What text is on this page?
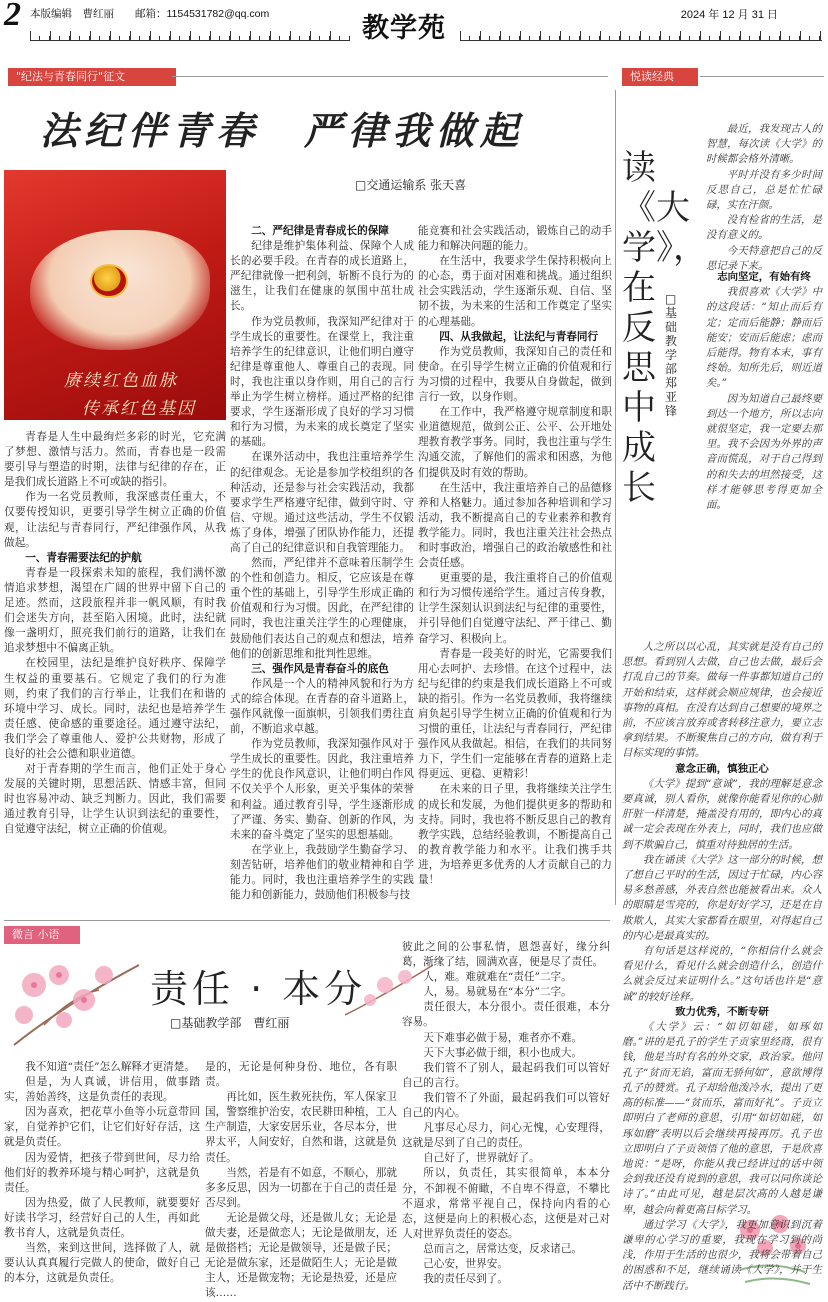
2 本版编辑　曹红丽　　邮箱：1154531782@qq.com	教学苑	2024 年 12 月 31 日
"纪法与青春同行"征文	悦读经典
法纪伴青春　严律我做起
□交通运输系 张天喜
赓续红色血脉
传承红色基因

青春是人生中最绚烂多彩的时光，它充满了梦想、激情与活力。然而，青春也是一段需要引导与塑造的时期，法律与纪律的存在，正是我们成长道路上不可或缺的指引。

作为一名党员教师，我深感责任重大，不仅要传授知识，更要引导学生树立正确的价值观，让法纪与青春同行，严纪律强作风，从我做起。

一、青春需要法纪的护航

青春是一段探索未知的旅程，我们满怀激情追求梦想，渴望在广阔的世界中留下自己的足迹。然而，这段旅程并非一帆风顺，有时我们会迷失方向，甚至陷入困境。此时，法纪就像一盏明灯，照亮我们前行的道路，让我们在追求梦想中不偏离正轨。

在校园里，法纪是维护良好秩序、保障学生权益的重要基石。它规定了我们的行为准则，约束了我们的言行举止，让我们在和谐的环境中学习、成长。同时，法纪也是培养学生责任感、使命感的重要途径。通过遵守法纪，我们学会了尊重他人、爱护公共财物，形成了良好的社会公德和职业道德。

对于青春期的学生而言，他们正处于身心发展的关键时期，思想活跃、情感丰富，但同时也容易冲动、缺乏判断力。因此，我们需要通过教育引导，让学生认识到法纪的重要性，自觉遵守法纪，树立正确的价值观。

二、严纪律是青春成长的保障

纪律是维护集体利益、保障个人成长的必要手段。在青春的成长道路上，严纪律就像一把利剑，斩断不良行为的滋生，让我们在健康的氛围中茁壮成长。

作为党员教师，我深知严纪律对于学生成长的重要性。在课堂上，我注重培养学生的纪律意识，让他们明白遵守纪律是尊重他人、尊重自己的表现。同时，我也注重以身作则，用自己的言行举止为学生树立榜样。通过严格的纪律要求，学生逐渐形成了良好的学习习惯和行为习惯，为未来的成长奠定了坚实的基础。

在课外活动中，我也注重培养学生的纪律观念。无论是参加学校组织的各种活动，还是参与社会实践活动，我都要求学生严格遵守纪律，做到守时、守信、守规。通过这些活动，学生不仅锻炼了身体，增强了团队协作能力，还提高了自己的纪律意识和自我管理能力。

然而，严纪律并不意味着压制学生的个性和创造力。相反，它应该是在尊重个性的基础上，引导学生形成正确的价值观和行为习惯。因此，在严纪律的同时，我也注重关注学生的心理健康，鼓励他们表达自己的观点和想法，培养他们的创新思维和批判性思维。

三、强作风是青春奋斗的底色

作风是一个人的精神风貌和行为方式的综合体现。在青春的奋斗道路上，强作风就像一面旗帜，引领我们勇往直前，不断追求卓越。

作为党员教师，我深知强作风对于学生成长的重要性。因此，我注重培养学生的优良作风意识，让他们明白作风不仅关乎个人形象，更关乎集体的荣誉和利益。通过教育引导，学生逐渐形成了严谨、务实、勤奋、创新的作风，为未来的奋斗奠定了坚实的思想基础。

在学业上，我鼓励学生勤奋学习、刻苦钻研，培养他们的敬业精神和自学能力。同时，我也注重培养学生的实践能力和创新能力，鼓励他们积极参与技

能竞赛和社会实践活动，锻炼自己的动手能力和解决问题的能力。

在生活中，我要求学生保持积极向上的心态，勇于面对困难和挑战。通过组织社会实践活动，学生逐渐乐观、自信、坚韧不拔，为未来的生活和工作奠定了坚实的心理基础。

四、从我做起，让法纪与青春同行

作为党员教师，我深知自己的责任和使命。在引导学生树立正确的价值观和行为习惯的过程中，我要从自身做起，做到言行一致，以身作则。

在工作中，我严格遵守规章制度和职业道德规范，做到公正、公平、公开地处理教育教学事务。同时，我也注重与学生沟通交流，了解他们的需求和困惑，为他们提供及时有效的帮助。

在生活中，我注重培养自己的品德修养和人格魅力。通过参加各种培训和学习活动，我不断提高自己的专业素养和教育教学能力。同时，我也注重关注社会热点和时事政治，增强自己的政治敏感性和社会责任感。

更重要的是，我注重将自己的价值观和行为习惯传递给学生。通过言传身教，让学生深刻认识到法纪与纪律的重要性，并引导他们自觉遵守法纪、严于律己、勤奋学习、积极向上。

青春是一段美好的时光，它需要我们用心去呵护、去珍惜。在这个过程中，法纪与纪律的约束是我们成长道路上不可或缺的指引。作为一名党员教师，我将继续肩负起引导学生树立正确的价值观和行为习惯的重任，让法纪与青春同行，严纪律强作风从我做起。相信，在我们的共同努力下，学生们一定能够在青春的道路上走得更远、更稳、更精彩！

在未来的日子里，我将继续关注学生的成长和发展，为他们提供更多的帮助和支持。同时，我也将不断反思自己的教育教学实践，总结经验教训，不断提高自己的教育教学能力和水平。让我们携手共进，为培养更多优秀的人才贡献自己的力量！

读《大学》，在反思中成长
□基础教学部　郑亚锋

最近，我发现古人的智慧，每次读《大学》的时候都会格外清晰。

平时并没有多少时间反思自己，总是忙忙碌碌，实在汗颜。

没有检省的生活，是没有意义的。

今天特意把自己的反思记录下来。

志向坚定，有始有终

我很喜欢《大学》中的这段话：“知止而后有定；定而后能静；静而后能安；安而后能虑；虑而后能得。物有本末，事有终始。知所先后，则近道矣。”

因为知道自己最终要到达一个地方，所以志向就很坚定，我一定要去那里。我不会因为外界的声音而慌乱，对于自己得到的和失去的坦然接受，这样才能够思考得更加全面。

微言 小语
责任 · 本分
□基础教学部　曹红丽

我不知道“责任”怎么解释才更清楚。

但是，为人真诚，讲信用，做事踏实，善始善终，这是负责任的表现。

因为喜欢，把花草小鱼等小玩意带回家，自觉养护它们，让它们好好存活，这就是负责任。

因为爱情，把孩子带到世间，尽力给他们好的教养环境与精心呵护，这就是负责任。

因为热爱，做了人民教师，就要要好好读书学习，经营好自己的人生，再如此教书育人，这就是负责任。

当然，来到这世间，选择做了人，就要认认真真履行完做人的使命，做好自己的本分，这就是负责任。

是的，无论是何种身份、地位，各有职责。

再比如，医生救死扶伤，军人保家卫国，警察维护治安，农民耕田种植，工人生产制造，大家安居乐业，各尽本分，世界太平，人间安好，自然和谐，这就是负责任。

当然，若是有不如意，不顺心，那就多多反思，因为一切都在于自己的责任是否尽到。

无论是做父母，还是做儿女；无论是做夫妻，还是做恋人；无论是做朋友，还是做搭档；无论是做领导，还是做子民；无论是做东家，还是做陌生人；无论是做主人，还是做宠物；无论是热爱，还是应该……

彼此之间的公事私情，恩怨喜好，缘分纠葛，渐缘了结，圆满欢喜，便是尽了责任。

人，难。难就难在“责任”二字。

人，易。易就易在“本分”二字。

责任很大，本分很小。责任很难，本分容易。

天下难事必做于易，难者亦不难。

天下大事必做于细，积小也成大。

我们管不了别人，最起码我们可以管好自己的言行。

我们管不了外面，最起码我们可以管好自己的内心。

凡事尽心尽力，问心无愧，心安理得，这就是尽到了自己的责任。

自己好了，世界就好了。

所以，负责任，其实很简单，本本分分，不卸视不俯瞰，不自卑不得意，不攀比不逼求，常常平视自己，保持向内看的心态，这便是向上的积极心态，这便是对己对人对世界负责任的姿态。

总而言之，居常达变，反求诸己。

己心安，世界安。

我的责任尽到了。

人之所以以心乱，其实就是没有自己的思想。看到别人去做，自己也去做，最后会打乱自己的节奏。做每一件事都知道自己的开始和结束，这样就会顺应规律，也会接近事物的真相。在没有达到自己想要的境界之前，不应该言放弃或者转移注意力，要立志拿到结果。不断聚焦自己的方向，做有利于目标实现的事情。

意念正确，慎独正心

《大学》提到“意诚”，我的理解是意念要真诚，别人看你，就像你能看见你的心肺肝脏一样清楚，掩盖没有用的，即内心的真诚一定会表现在外表上，同时，我们也应做到不欺骗自己，慎重对待独居的生活。

我在诵读《大学》这一部分的时候，想了想自己平时的生活，因过于忙碌，内心容易多愁善感，外表自然也能被看出来。众人的眼睛是雪亮的，你是好好学习，还是在自欺欺人，其实大家都看在眼里，对得起自己的内心是最真实的。

有句话是这样说的，“你相信什么就会看见什么，看见什么就会创造什么，创造什么就会反过来证明什么。”这句话也许是“意诚”的较好诠释。

致力优秀，不断专研

《大学》云：“如切如磋，如琢如磨。”讲的是孔子的学生子贡家里经商，很有钱，他是当时有名的外交家，政治家。他问孔子“贫而无谄，富而无骄何如”，意欲博得孔子的赞赏。孔子却给他泼冷水，提出了更高的标准——“贫而乐，富而好礼”。子贡立即明白了老师的意思，引用“如切如磋，如琢如磨”表明以后会继续再接再厉。孔子也立即明白了子贡领悟了他的意思，于是欣喜地说：“是呀，你能从我已经讲过的话中领会到我还没有说到的意思，我可以同你谈论诗了。”由此可见，越是层次高的人越是谦卑，越会向着更高目标学习。

通过学习《大学》，我更加意识到沉着谦卑的心学习的重要，我现在学习到的尚浅，作用于生活的也很少，我将会带着自己的困惑和不足，继续诵读《大学》，并于生活中不断践行。
